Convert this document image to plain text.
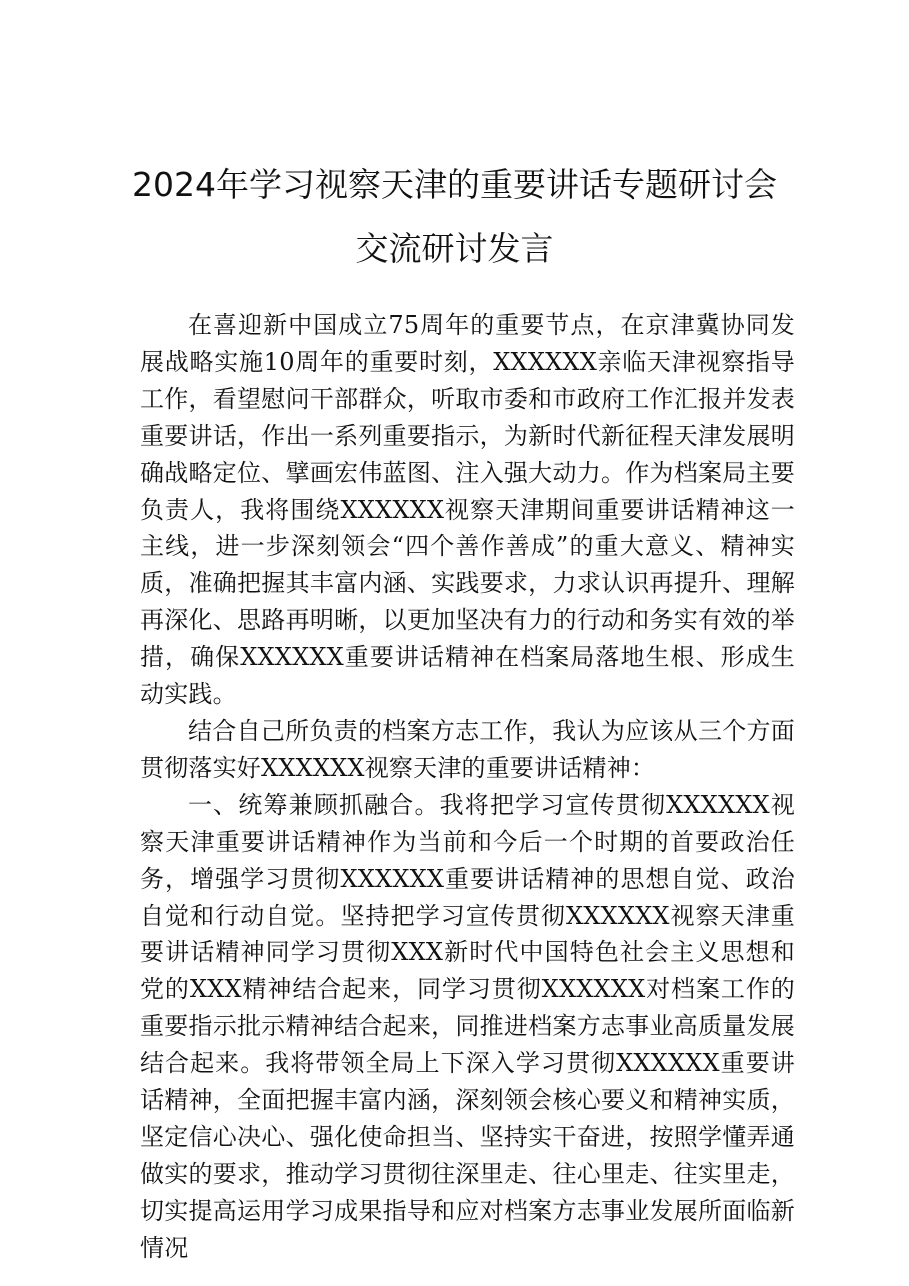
2024年学习视察天津的重要讲话专题研讨会
交流研讨发言

在喜迎新中国成立75周年的重要节点，在京津冀协同发展战略实施10周年的重要时刻，XXXXXX亲临天津视察指导工作，看望慰问干部群众，听取市委和市政府工作汇报并发表重要讲话，作出一系列重要指示，为新时代新征程天津发展明确战略定位、擘画宏伟蓝图、注入强大动力。作为档案局主要负责人，我将围绕XXXXXX视察天津期间重要讲话精神这一主线，进一步深刻领会“四个善作善成”的重大意义、精神实质，准确把握其丰富内涵、实践要求，力求认识再提升、理解再深化、思路再明晰，以更加坚决有力的行动和务实有效的举措，确保XXXXXX重要讲话精神在档案局落地生根、形成生动实践。

结合自己所负责的档案方志工作，我认为应该从三个方面贯彻落实好XXXXXX视察天津的重要讲话精神：

一、统筹兼顾抓融合。我将把学习宣传贯彻XXXXXX视察天津重要讲话精神作为当前和今后一个时期的首要政治任务，增强学习贯彻XXXXXX重要讲话精神的思想自觉、政治自觉和行动自觉。坚持把学习宣传贯彻XXXXXX视察天津重要讲话精神同学习贯彻XXX新时代中国特色社会主义思想和党的XXX精神结合起来，同学习贯彻XXXXXX对档案工作的重要指示批示精神结合起来，同推进档案方志事业高质量发展结合起来。我将带领全局上下深入学习贯彻XXXXXX重要讲话精神，全面把握丰富内涵，深刻领会核心要义和精神实质，坚定信心决心、强化使命担当、坚持实干奋进，按照学懂弄通做实的要求，推动学习贯彻往深里走、往心里走、往实里走，切实提高运用学习成果指导和应对档案方志事业发展所面临新情况
